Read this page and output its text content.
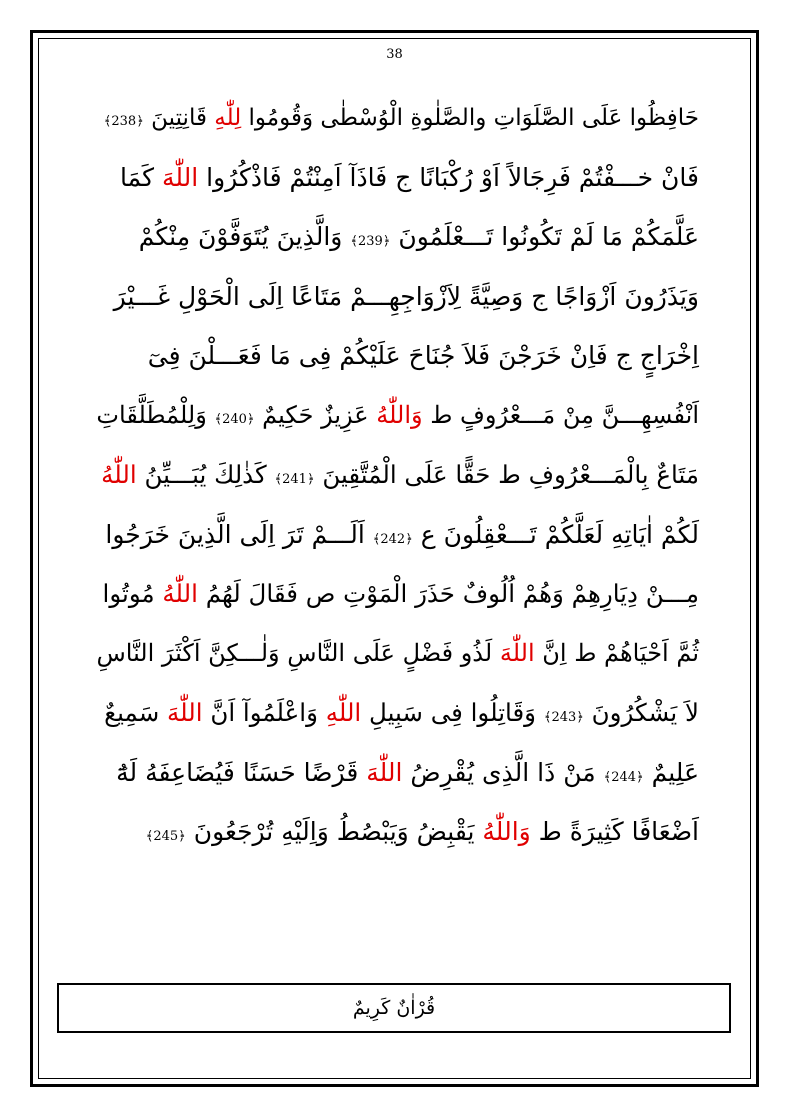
38
حَافِظُوا عَلَى الصَّلَوَاتِ والصَّلٰوةِ الْوُسْطٰى وَقُومُوا لِلّٰهِ قَانِتِينَ ﴿238﴾
فَانْ خـــفْتُمْ فَرِجَالاً اَوْ رُكْبَانًا ج فَاذَآ اَمِنْتُمْ فَاذْكُرُوا اللّٰهَ كَمَا
عَلَّمَكُمْ مَا لَمْ تَكُونُوا تَـــعْلَمُونَ ﴿239﴾ وَالَّذِينَ يُتَوَفَّوْنَ مِنْكُمْ
وَيَذَرُونَ اَزْوَاجًا ج وَصِيَّةً لِاَزْوَاجِهِـــمْ مَتَاعًا اِلَى الْحَوْلِ غَـــيْرَ
اِخْرَاجٍ ج فَاِنْ خَرَجْنَ فَلاَ جُنَاحَ عَلَيْكُمْ فِى مَا فَعَـــلْنَ فِىٓ
اَنْفُسِهِـــنَّ مِنْ مَـــعْرُوفٍ ط وَاللّٰهُ عَزِيزٌ حَكِيمٌ ﴿240﴾ وَلِلْمُطَلَّقَاتِ
مَتَاعٌ بِالْمَـــعْرُوفِ ط حَقًّا عَلَى الْمُتَّقِينَ ﴿241﴾ كَذٰلِكَ يُبَـــيِّنُ اللّٰهُ
لَكُمْ اٰيَاتِهِ لَعَلَّكُمْ تَـــعْقِلُونَ ع ﴿242﴾ اَلَـــمْ تَرَ اِلَى الَّذِينَ خَرَجُوا
مِـــنْ دِيَارِهِمْ وَهُمْ اُلُوفٌ حَذَرَ الْمَوْتِ ص فَقَالَ لَهُمُ اللّٰهُ مُوتُوا
ثُمَّ اَحْيَاهُمْ ط اِنَّ اللّٰهَ لَذُو فَضْلٍ عَلَى النَّاسِ وَلٰـــكِنَّ اَكْثَرَ النَّاسِ
لاَ يَشْكُرُونَ ﴿243﴾ وَقَاتِلُوا فِى سَبِيلِ اللّٰهِ وَاعْلَمُوآ اَنَّ اللّٰهَ سَمِيعٌ
عَلِيمٌ ﴿244﴾ مَنْ ذَا الَّذِى يُقْرِضُ اللّٰهَ قَرْضًا حَسَنًا فَيُضَاعِفَهُ لَهُٓ
اَضْعَافًا كَثِيرَةً ط وَاللّٰهُ يَقْبِضُ وَيَبْصُطُ وَاِلَيْهِ تُرْجَعُونَ ﴿245﴾
قُرْاٰنٌ كَرِيمٌ
